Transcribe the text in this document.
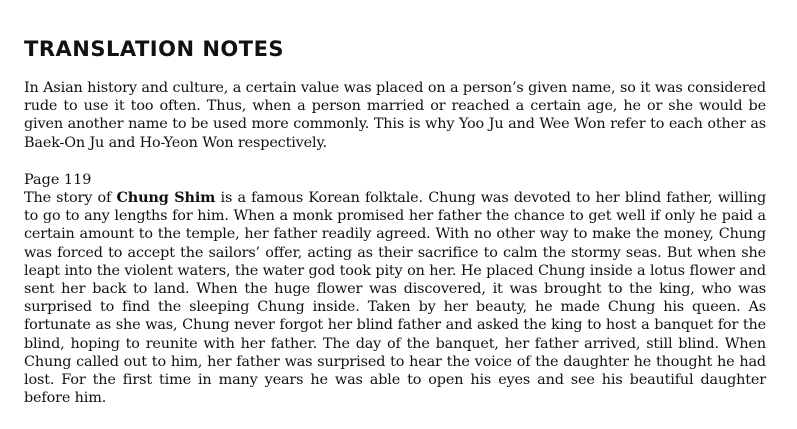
TRANSLATION NOTES

In Asian history and culture, a certain value was placed on a person’s given name, so it was considered rude to use it too often. Thus, when a person married or reached a certain age, he or she would be given another name to be used more commonly. This is why Yoo Ju and Wee Won refer to each other as Baek-On Ju and Ho-Yeon Won respectively.

Page 119

The story of Chung Shim is a famous Korean folktale. Chung was devoted to her blind father, willing to go to any lengths for him. When a monk promised her father the chance to get well if only he paid a certain amount to the temple, her father readily agreed. With no other way to make the money, Chung was forced to accept the sailors’ offer, acting as their sacrifice to calm the stormy seas. But when she leapt into the violent waters, the water god took pity on her. He placed Chung inside a lotus flower and sent her back to land. When the huge flower was discovered, it was brought to the king, who was surprised to find the sleeping Chung inside. Taken by her beauty, he made Chung his queen. As fortunate as she was, Chung never forgot her blind father and asked the king to host a banquet for the blind, hoping to reunite with her father. The day of the banquet, her father arrived, still blind. When Chung called out to him, her father was surprised to hear the voice of the daughter he thought he had lost. For the first time in many years he was able to open his eyes and see his beautiful daughter before him.
